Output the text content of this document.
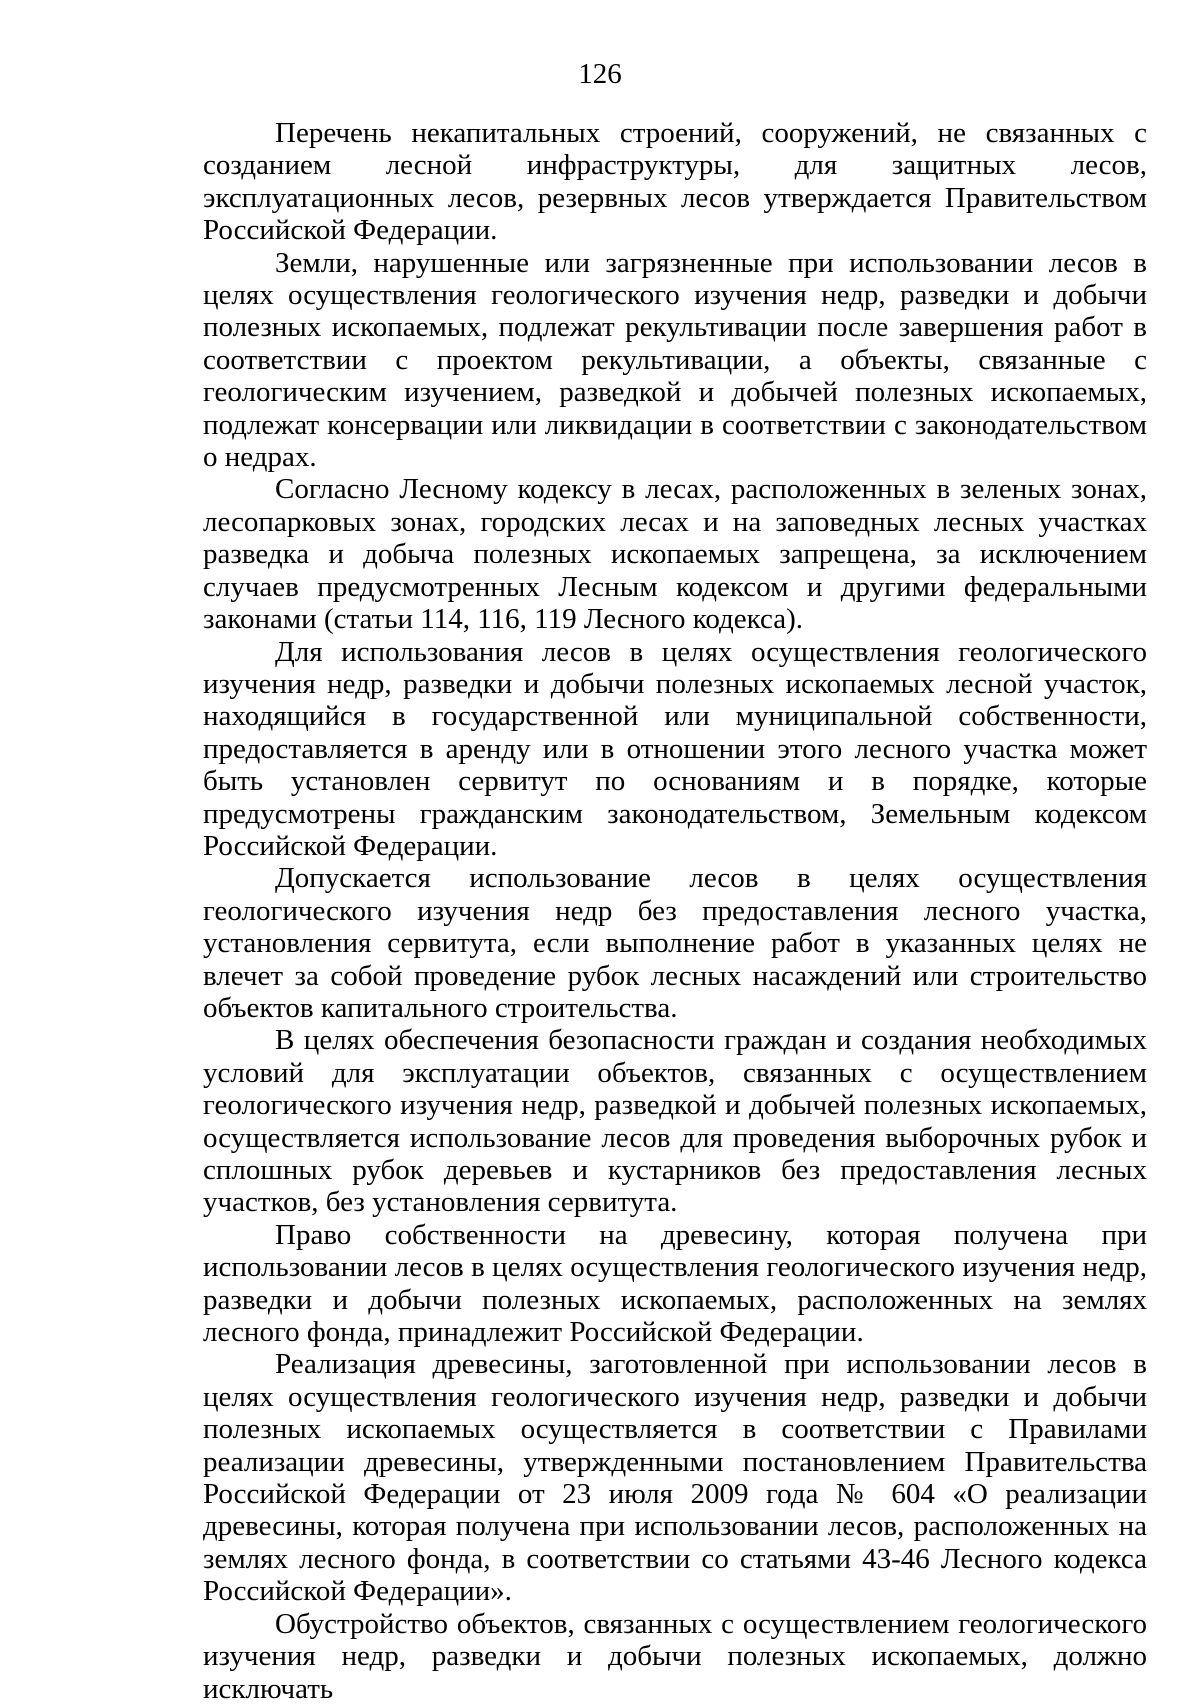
126

Перечень некапитальных строений, сооружений, не связанных с созданием лесной инфраструктуры, для защитных лесов, эксплуатационных лесов, резервных лесов утверждается Правительством Российской Федерации.

Земли, нарушенные или загрязненные при использовании лесов в целях осуществления геологического изучения недр, разведки и добычи полезных ископаемых, подлежат рекультивации после завершения работ в соответствии с проектом рекультивации, а объекты, связанные с геологическим изучением, разведкой и добычей полезных ископаемых, подлежат консервации или ликвидации в соответствии с законодательством о недрах.

Согласно Лесному кодексу в лесах, расположенных в зеленых зонах, лесопарковых зонах, городских лесах и на заповедных лесных участках разведка и добыча полезных ископаемых запрещена, за исключением случаев предусмотренных Лесным кодексом и другими федеральными законами (статьи 114, 116, 119 Лесного кодекса).

Для использования лесов в целях осуществления геологического изучения недр, разведки и добычи полезных ископаемых лесной участок, находящийся в государственной или муниципальной собственности, предоставляется в аренду или в отношении этого лесного участка может быть установлен сервитут по основаниям и в порядке, которые предусмотрены гражданским законодательством, Земельным кодексом Российской Федерации.

Допускается использование лесов в целях осуществления геологического изучения недр без предоставления лесного участка, установления сервитута, если выполнение работ в указанных целях не влечет за собой проведение рубок лесных насаждений или строительство объектов капитального строительства.

В целях обеспечения безопасности граждан и создания необходимых условий для эксплуатации объектов, связанных с осуществлением геологического изучения недр, разведкой и добычей полезных ископаемых, осуществляется использование лесов для проведения выборочных рубок и сплошных рубок деревьев и кустарников без предоставления лесных участков, без установления сервитута.

Право собственности на древесину, которая получена при использовании лесов в целях осуществления геологического изучения недр, разведки и добычи полезных ископаемых, расположенных на землях лесного фонда, принадлежит Российской Федерации.

Реализация древесины, заготовленной при использовании лесов в целях осуществления геологического изучения недр, разведки и добычи полезных ископаемых осуществляется в соответствии с Правилами реализации древесины, утвержденными постановлением Правительства Российской Федерации от 23 июля 2009 года № 604 «О реализации древесины, которая получена при использовании лесов, расположенных на землях лесного фонда, в соответствии со статьями 43-46 Лесного кодекса Российской Федерации».

Обустройство объектов, связанных с осуществлением геологического изучения недр, разведки и добычи полезных ископаемых, должно исключать
